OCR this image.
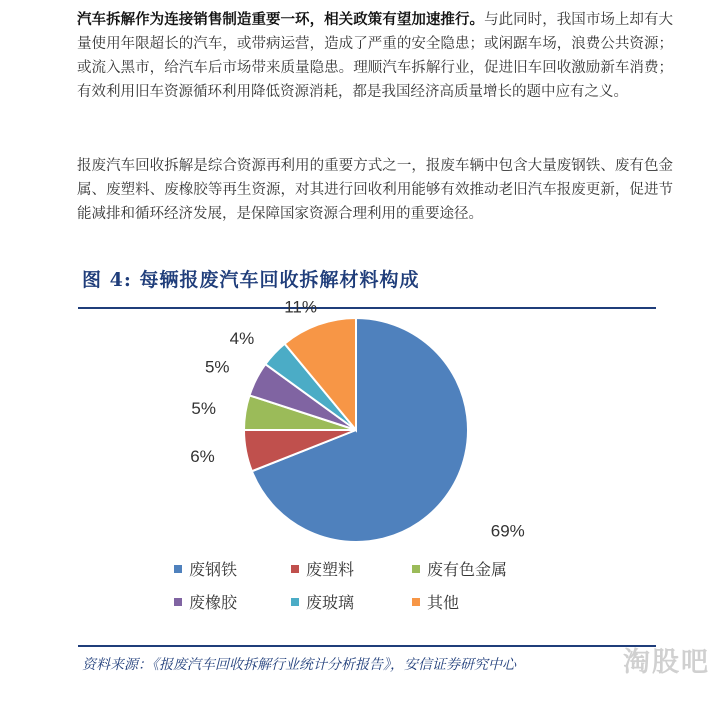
汽车拆解作为连接销售制造重要一环，相关政策有望加速推行。与此同时，我国市场上却有大量使用年限超长的汽车，或带病运营，造成了严重的安全隐患；或闲踞车场，浪费公共资源；或流入黑市，给汽车后市场带来质量隐患。理顺汽车拆解行业，促进旧车回收激励新车消费；有效利用旧车资源循环利用降低资源消耗，都是我国经济高质量增长的题中应有之义。

报废汽车回收拆解是综合资源再利用的重要方式之一，报废车辆中包含大量废钢铁、废有色金属、废塑料、废橡胶等再生资源，对其进行回收利用能够有效推动老旧汽车报废更新，促进节能减排和循环经济发展，是保障国家资源合理利用的重要途径。

图 4: 每辆报废汽车回收拆解材料构成
69%
6%
5%
5%
4%
11%
废钢铁	废塑料	废有色金属
废橡胶	废玻璃	其他
资料来源：《报废汽车回收拆解行业统计分析报告》，安信证券研究中心	淘股吧
